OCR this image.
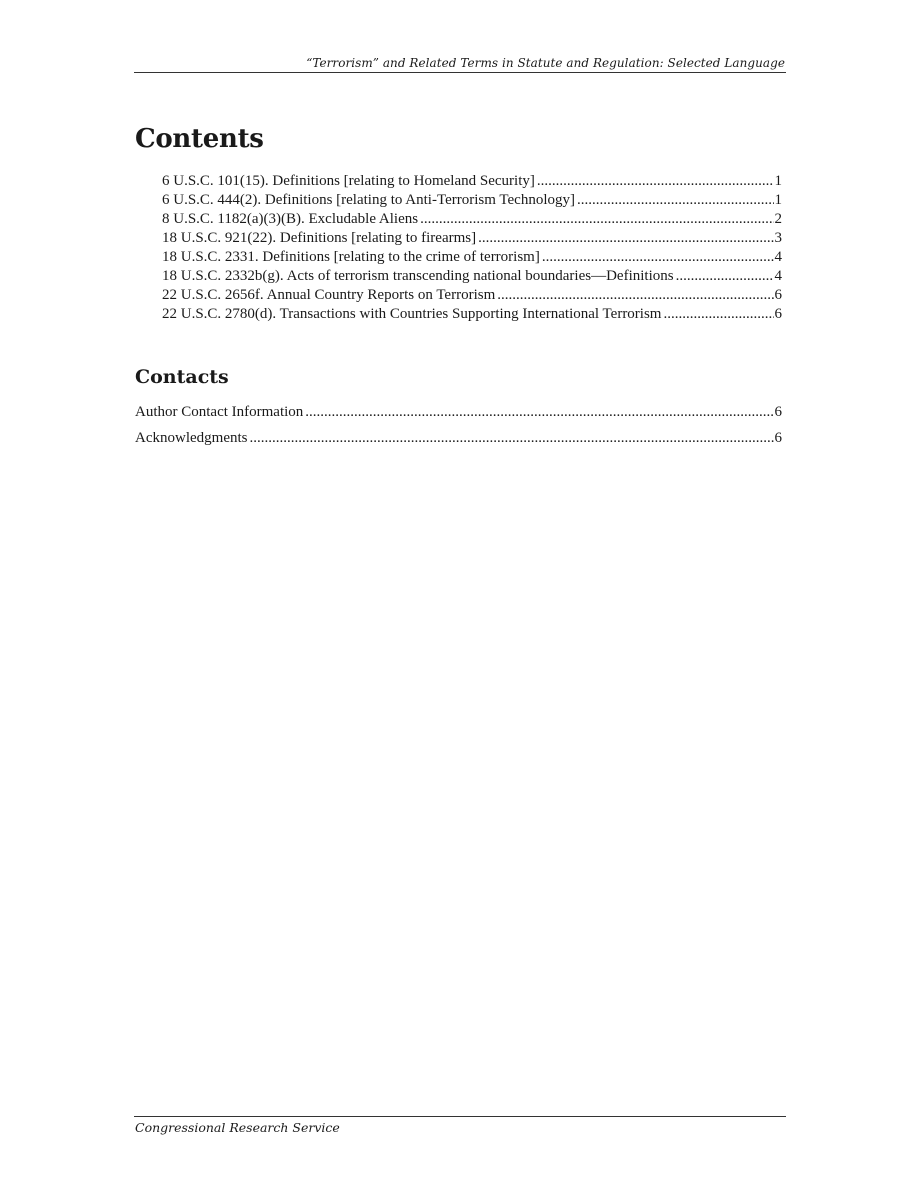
“Terrorism” and Related Terms in Statute and Regulation: Selected Language
Contents
6 U.S.C. 101(15). Definitions [relating to Homeland Security] .....	1
6 U.S.C. 444(2). Definitions [relating to Anti-Terrorism Technology] .....	1
8 U.S.C. 1182(a)(3)(B). Excludable Aliens .....	2
18 U.S.C. 921(22). Definitions [relating to firearms] .....	3
18 U.S.C. 2331. Definitions [relating to the crime of terrorism] .....	4
18 U.S.C. 2332b(g). Acts of terrorism transcending national boundaries—Definitions .....	4
22 U.S.C. 2656f. Annual Country Reports on Terrorism .....	6
22 U.S.C. 2780(d). Transactions with Countries Supporting International Terrorism .....	6
Contacts
Author Contact Information .....	6
Acknowledgments .....	6
Congressional Research Service
